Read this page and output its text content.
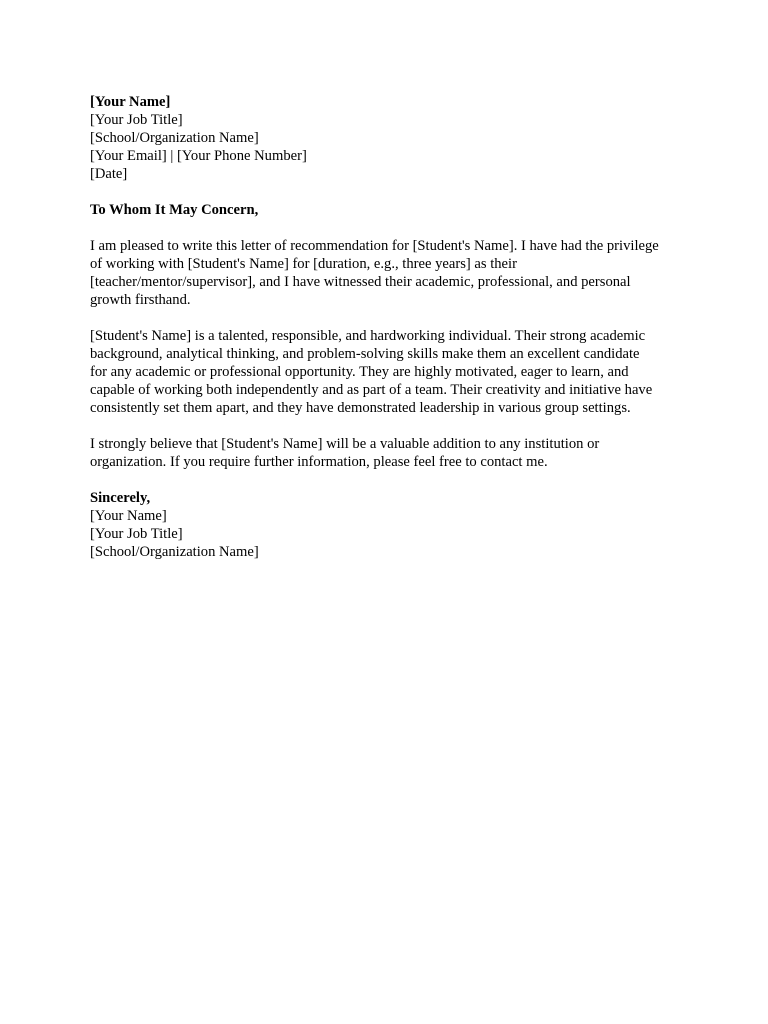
[Your Name]
[Your Job Title]
[School/Organization Name]
[Your Email] | [Your Phone Number]
[Date]
To Whom It May Concern,
I am pleased to write this letter of recommendation for [Student's Name]. I have had the privilege
of working with [Student's Name] for [duration, e.g., three years] as their
[teacher/mentor/supervisor], and I have witnessed their academic, professional, and personal
growth firsthand.
[Student's Name] is a talented, responsible, and hardworking individual. Their strong academic
background, analytical thinking, and problem-solving skills make them an excellent candidate
for any academic or professional opportunity. They are highly motivated, eager to learn, and
capable of working both independently and as part of a team. Their creativity and initiative have
consistently set them apart, and they have demonstrated leadership in various group settings.
I strongly believe that [Student's Name] will be a valuable addition to any institution or
organization. If you require further information, please feel free to contact me.
Sincerely,
[Your Name]
[Your Job Title]
[School/Organization Name]
